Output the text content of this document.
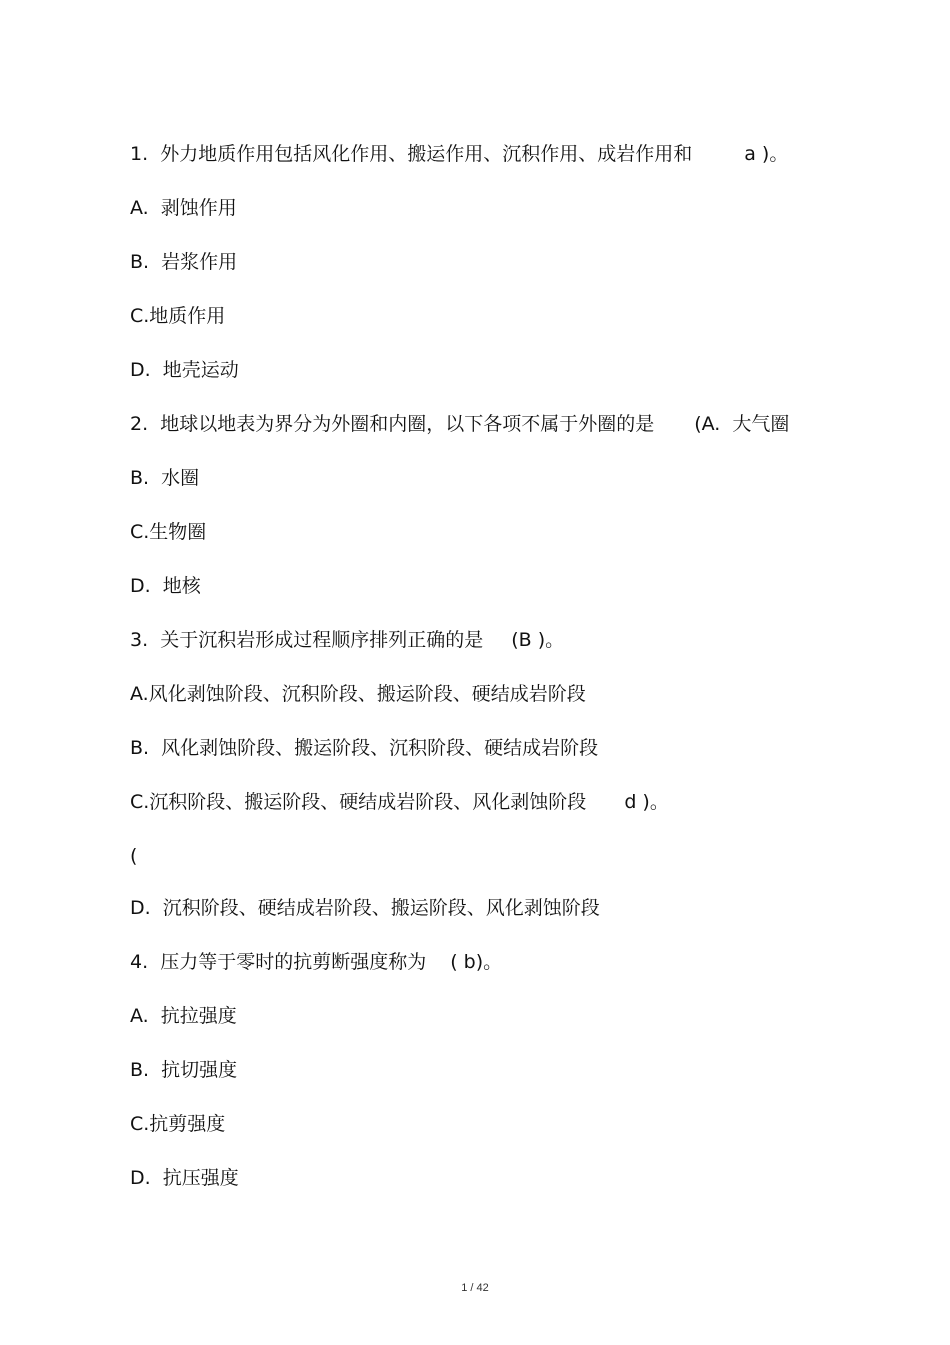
1.  外力地质作用包括风化作用、搬运作用、沉积作用、成岩作用和	a )。

A.  剥蚀作用

B.  岩浆作用

C.地质作用

D.  地壳运动

2.  地球以地表为界分为外圈和内圈，以下各项不属于外圈的是 (A.  大气圈

B.  水圈

C.生物圈

D.  地核

3.  关于沉积岩形成过程顺序排列正确的是 (B )。

A.风化剥蚀阶段、沉积阶段、搬运阶段、硬结成岩阶段

B.  风化剥蚀阶段、搬运阶段、沉积阶段、硬结成岩阶段

C.沉积阶段、搬运阶段、硬结成岩阶段、风化剥蚀阶段 d )。

(

D.  沉积阶段、硬结成岩阶段、搬运阶段、风化剥蚀阶段

4.  压力等于零时的抗剪断强度称为 ( b)。

A.  抗拉强度

B.  抗切强度

C.抗剪强度

D.  抗压强度

1 / 42
